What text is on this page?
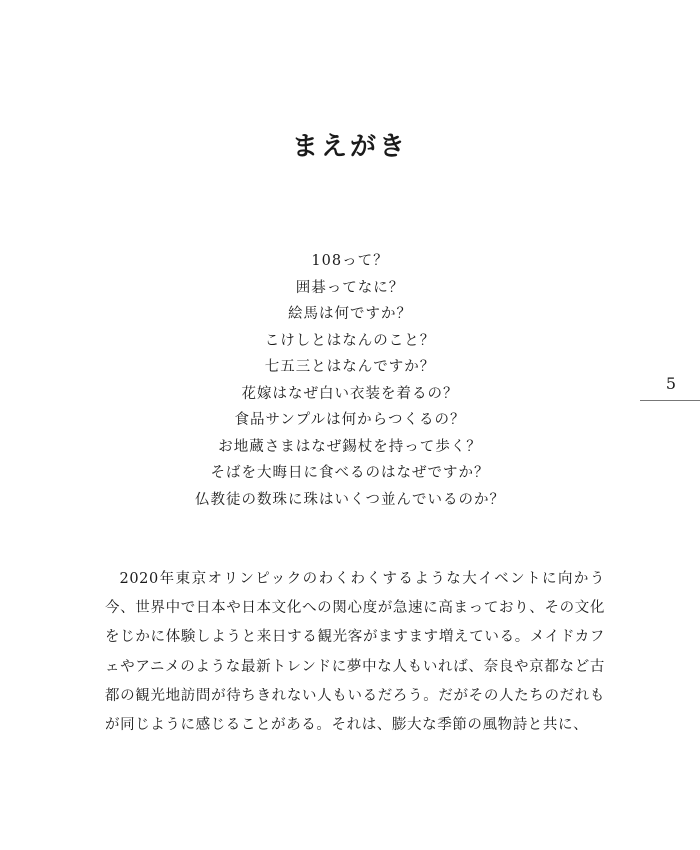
まえがき
108って？
囲碁ってなに？
絵馬は何ですか？
こけしとはなんのこと？
七五三とはなんですか？
花嫁はなぜ白い衣装を着るの？
食品サンプルは何からつくるの？
お地蔵さまはなぜ錫杖を持って歩く？
そばを大晦日に食べるのはなぜですか？
仏教徒の数珠に珠はいくつ並んでいるのか？
5

2020年東京オリンピックのわくわくするような大イベントに向かう今、世界中で日本や日本文化への関心度が急速に高まっており、その文化をじかに体験しようと来日する観光客がますます増えている。メイドカフェやアニメのような最新トレンドに夢中な人もいれば、奈良や京都など古都の観光地訪問が待ちきれない人もいるだろう。だがその人たちのだれもが同じように感じることがある。それは、膨大な季節の風物詩と共に、
